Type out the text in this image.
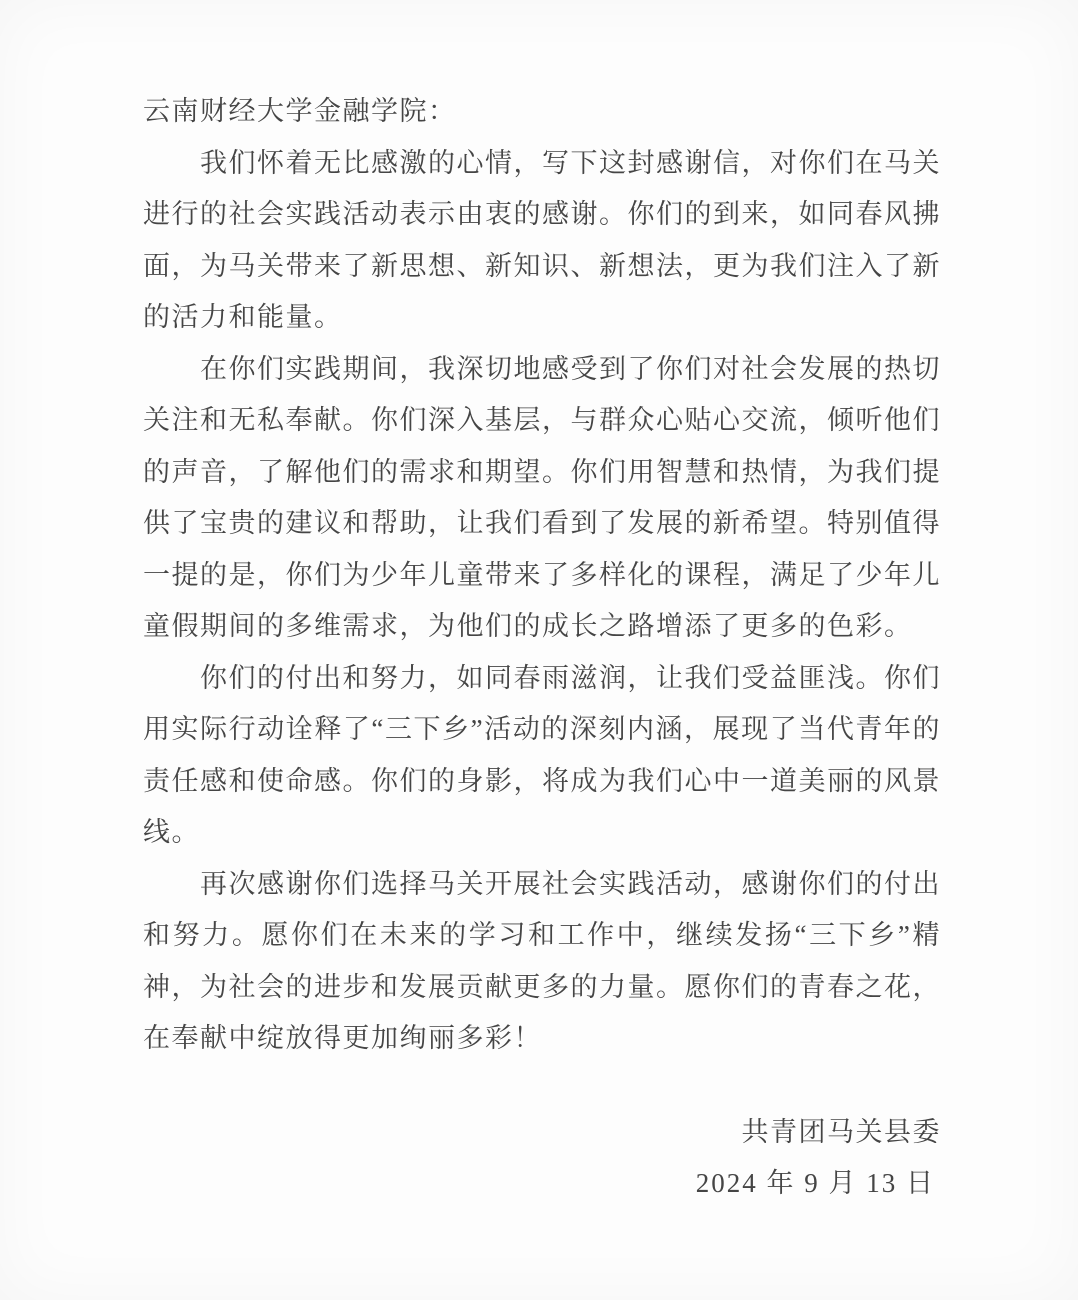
云南财经大学金融学院：

我们怀着无比感激的心情，写下这封感谢信，对你们在马关进行的社会实践活动表示由衷的感谢。你们的到来，如同春风拂面，为马关带来了新思想、新知识、新想法，更为我们注入了新的活力和能量。

在你们实践期间，我深切地感受到了你们对社会发展的热切关注和无私奉献。你们深入基层，与群众心贴心交流，倾听他们的声音，了解他们的需求和期望。你们用智慧和热情，为我们提供了宝贵的建议和帮助，让我们看到了发展的新希望。特别值得一提的是，你们为少年儿童带来了多样化的课程，满足了少年儿童假期间的多维需求，为他们的成长之路增添了更多的色彩。

你们的付出和努力，如同春雨滋润，让我们受益匪浅。你们用实际行动诠释了“三下乡”活动的深刻内涵，展现了当代青年的责任感和使命感。你们的身影，将成为我们心中一道美丽的风景线。

再次感谢你们选择马关开展社会实践活动，感谢你们的付出和努力。愿你们在未来的学习和工作中，继续发扬“三下乡”精神，为社会的进步和发展贡献更多的力量。愿你们的青春之花，在奉献中绽放得更加绚丽多彩！

共青团马关县委
2024 年 9 月 13 日
